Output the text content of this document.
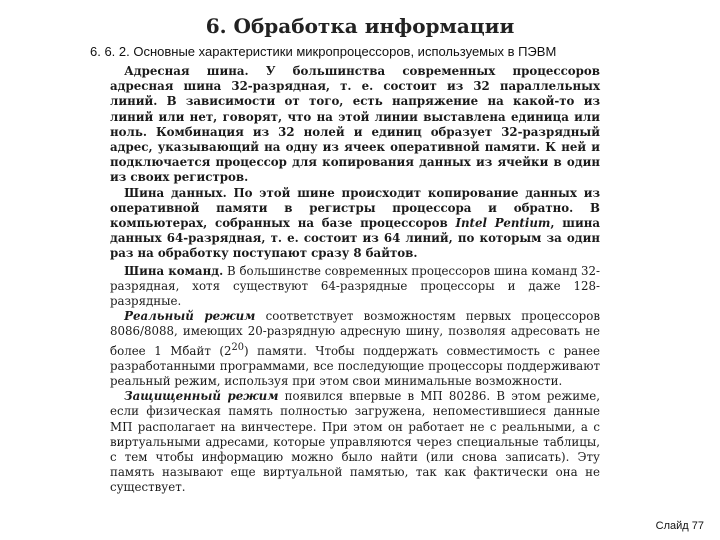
6. Обработка информации

6. 6. 2. Основные характеристики микропроцессоров, используемых в ПЭВМ

Адресная шина. У большинства современных процессоров адресная шина 32-разрядная, т. е. состоит из 32 параллельных линий. В зависимости от того, есть напряжение на какой-то из линий или нет, говорят, что на этой линии выставлена единица или ноль. Комбинация из 32 нолей и единиц образует 32-разрядный адрес, указывающий на одну из ячеек оперативной памяти. К ней и подключается процессор для копирования данных из ячейки в один из своих регистров.

Шина данных. По этой шине происходит копирование данных из оперативной памяти в регистры процессора и обратно. В компьютерах, собранных на базе процессоров Intel Pentium, шина данных 64-разрядная, т. е. состоит из 64 линий, по которым за один раз на обработку поступают сразу 8 байтов.

Шина команд. В большинстве современных процессоров шина команд 32-разрядная, хотя существуют 64-разрядные процессоры и даже 128-разрядные.

Реальный режим соответствует возможностям первых процессоров 8086/8088, имеющих 20-разрядную адресную шину, позволяя адресовать не более 1 Мбайт $(2^{20})$ памяти. Чтобы поддержать совместимость с ранее разработанными программами, все последующие процессоры поддерживают реальный режим, используя при этом свои минимальные возможности.

Защищенный режим появился впервые в МП 80286. В этом режиме, если физическая память полностью загружена, непоместившиеся данные МП располагает на винчестере. При этом он работает не с реальными, а с виртуальными адресами, которые управляются через специальные таблицы, с тем чтобы информацию можно было найти (или снова записать). Эту память называют еще виртуальной памятью, так как фактически она не существует.

Слайд 77
